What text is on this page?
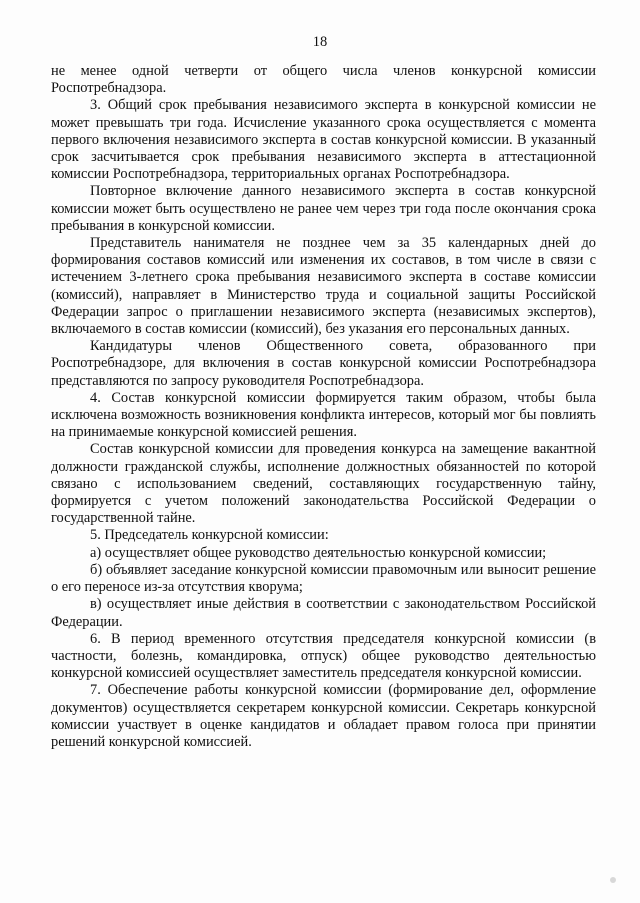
18

не менее одной четверти от общего числа членов конкурсной комиссии Роспотребнадзора.

3. Общий срок пребывания независимого эксперта в конкурсной комиссии не может превышать три года. Исчисление указанного срока осуществляется с момента первого включения независимого эксперта в состав конкурсной комиссии. В указанный срок засчитывается срок пребывания независимого эксперта в аттестационной комиссии Роспотребнадзора, территориальных органах Роспотребнадзора.

Повторное включение данного независимого эксперта в состав конкурсной комиссии может быть осуществлено не ранее чем через три года после окончания срока пребывания в конкурсной комиссии.

Представитель нанимателя не позднее чем за 35 календарных дней до формирования составов комиссий или изменения их составов, в том числе в связи с истечением 3-летнего срока пребывания независимого эксперта в составе комиссии (комиссий), направляет в Министерство труда и социальной защиты Российской Федерации запрос о приглашении независимого эксперта (независимых экспертов), включаемого в состав комиссии (комиссий), без указания его персональных данных.

Кандидатуры членов Общественного совета, образованного при Роспотребнадзоре, для включения в состав конкурсной комиссии Роспотребнадзора представляются по запросу руководителя Роспотребнадзора.

4. Состав конкурсной комиссии формируется таким образом, чтобы была исключена возможность возникновения конфликта интересов, который мог бы повлиять на принимаемые конкурсной комиссией решения.

Состав конкурсной комиссии для проведения конкурса на замещение вакантной должности гражданской службы, исполнение должностных обязанностей по которой связано с использованием сведений, составляющих государственную тайну, формируется с учетом положений законодательства Российской Федерации о государственной тайне.

5. Председатель конкурсной комиссии:

а) осуществляет общее руководство деятельностью конкурсной комиссии;

б) объявляет заседание конкурсной комиссии правомочным или выносит решение о его переносе из-за отсутствия кворума;

в) осуществляет иные действия в соответствии с законодательством Российской Федерации.

6. В период временного отсутствия председателя конкурсной комиссии (в частности, болезнь, командировка, отпуск) общее руководство деятельностью конкурсной комиссией осуществляет заместитель председателя конкурсной комиссии.

7. Обеспечение работы конкурсной комиссии (формирование дел, оформление документов) осуществляется секретарем конкурсной комиссии. Секретарь конкурсной комиссии участвует в оценке кандидатов и обладает правом голоса при принятии решений конкурсной комиссией.
